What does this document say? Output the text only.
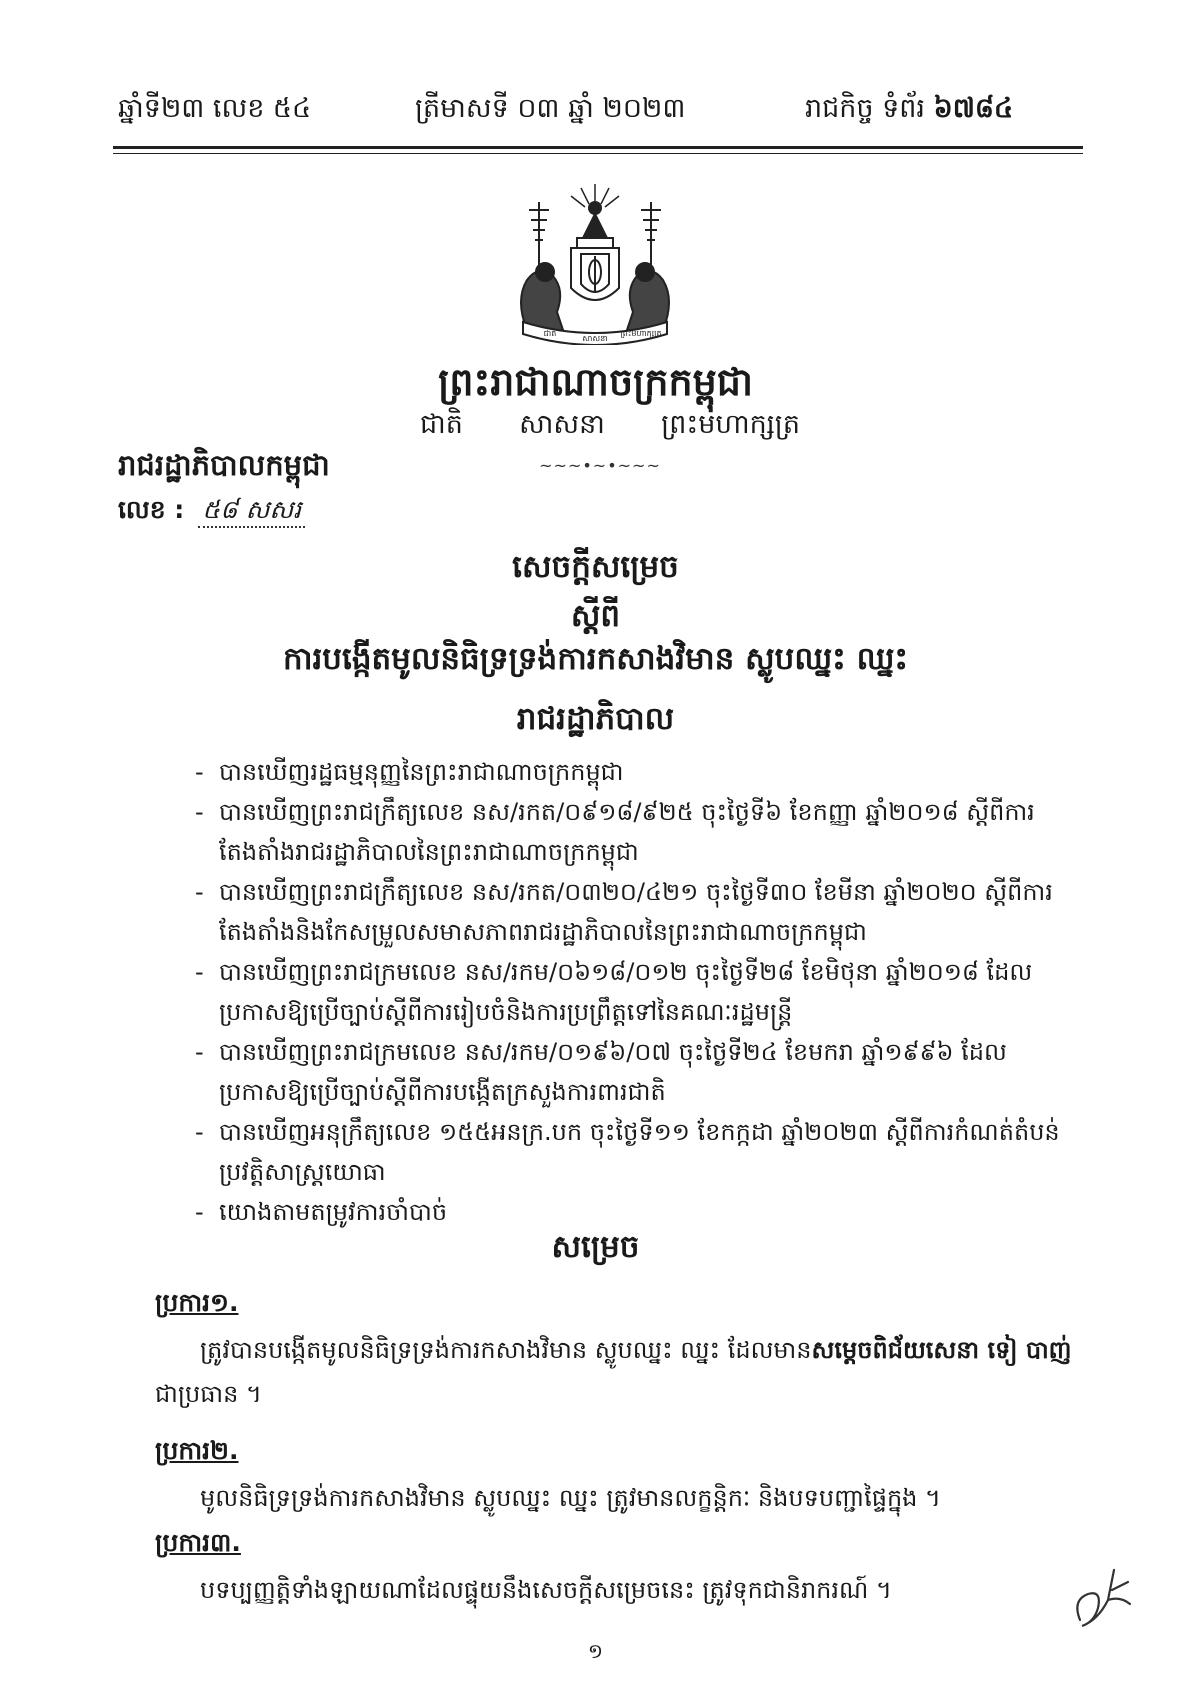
ឆ្នាំទី២៣ លេខ ៥៤	ត្រីមាសទី ០៣ ឆ្នាំ ២០២៣	រាជកិច្ច ទំព័រ ៦៧៨៤
ជាតិ
សាសនា
ព្រះមហាក្សត្រ
ព្រះរាជាណាចក្រកម្ពុជា
ជាតិ សាសនា ព្រះមហាក្សត្រ
~~~•~•~~~
រាជរដ្ឋាភិបាលកម្ពុជា
លេខ : ៥៨ សសរ
សេចក្ដីសម្រេច
ស្ដីពី
ការបង្កើតមូលនិធិទ្រទ្រង់ការកសាងវិមាន ស្លូបឈ្នះ ឈ្នះ
រាជរដ្ឋាភិបាល
- បានឃើញរដ្ឋធម្មនុញ្ញនៃព្រះរាជាណាចក្រកម្ពុជា
- បានឃើញព្រះរាជក្រឹត្យលេខ នស/រកត/០៩១៨/៩២៥ ចុះថ្ងៃទី៦ ខែកញ្ញា ឆ្នាំ២០១៨ ស្ដីពីការតែងតាំងរាជរដ្ឋាភិបាលនៃព្រះរាជាណាចក្រកម្ពុជា
- បានឃើញព្រះរាជក្រឹត្យលេខ នស/រកត/០៣២០/៤២១ ចុះថ្ងៃទី៣០ ខែមីនា ឆ្នាំ២០២០ ស្ដីពីការតែងតាំងនិងកែសម្រួលសមាសភាពរាជរដ្ឋាភិបាលនៃព្រះរាជាណាចក្រកម្ពុជា
- បានឃើញព្រះរាជក្រមលេខ នស/រកម/០៦១៨/០១២ ចុះថ្ងៃទី២៨ ខែមិថុនា ឆ្នាំ២០១៨ ដែលប្រកាសឱ្យប្រើច្បាប់ស្ដីពីការរៀបចំនិងការប្រព្រឹត្តទៅនៃគណៈរដ្ឋមន្ត្រី
- បានឃើញព្រះរាជក្រមលេខ នស/រកម/០១៩៦/០៧ ចុះថ្ងៃទី២៤ ខែមករា ឆ្នាំ១៩៩៦ ដែលប្រកាសឱ្យប្រើច្បាប់ស្ដីពីការបង្កើតក្រសួងការពារជាតិ
- បានឃើញអនុក្រឹត្យលេខ ១៥៥អនក្រ.បក ចុះថ្ងៃទី១១ ខែកក្កដា ឆ្នាំ២០២៣ ស្ដីពីការកំណត់តំបន់ប្រវត្តិសាស្ត្រយោធា
- យោងតាមតម្រូវការចាំបាច់
សម្រេច
ប្រការ១.
ត្រូវបានបង្កើតមូលនិធិទ្រទ្រង់ការកសាងវិមាន ស្លូបឈ្នះ ឈ្នះ ដែលមានសម្ដេចពិជ័យសេនា ទៀ បាញ់ ជាប្រធាន ។
ប្រការ២.
មូលនិធិទ្រទ្រង់ការកសាងវិមាន ស្លូបឈ្នះ ឈ្នះ ត្រូវមានលក្ខន្តិកៈ និងបទបញ្ជាផ្ទៃក្នុង ។
ប្រការ៣.
បទប្បញ្ញត្តិទាំងឡាយណាដែលផ្ទុយនឹងសេចក្ដីសម្រេចនេះ ត្រូវទុកជានិរាករណ៍ ។
១
